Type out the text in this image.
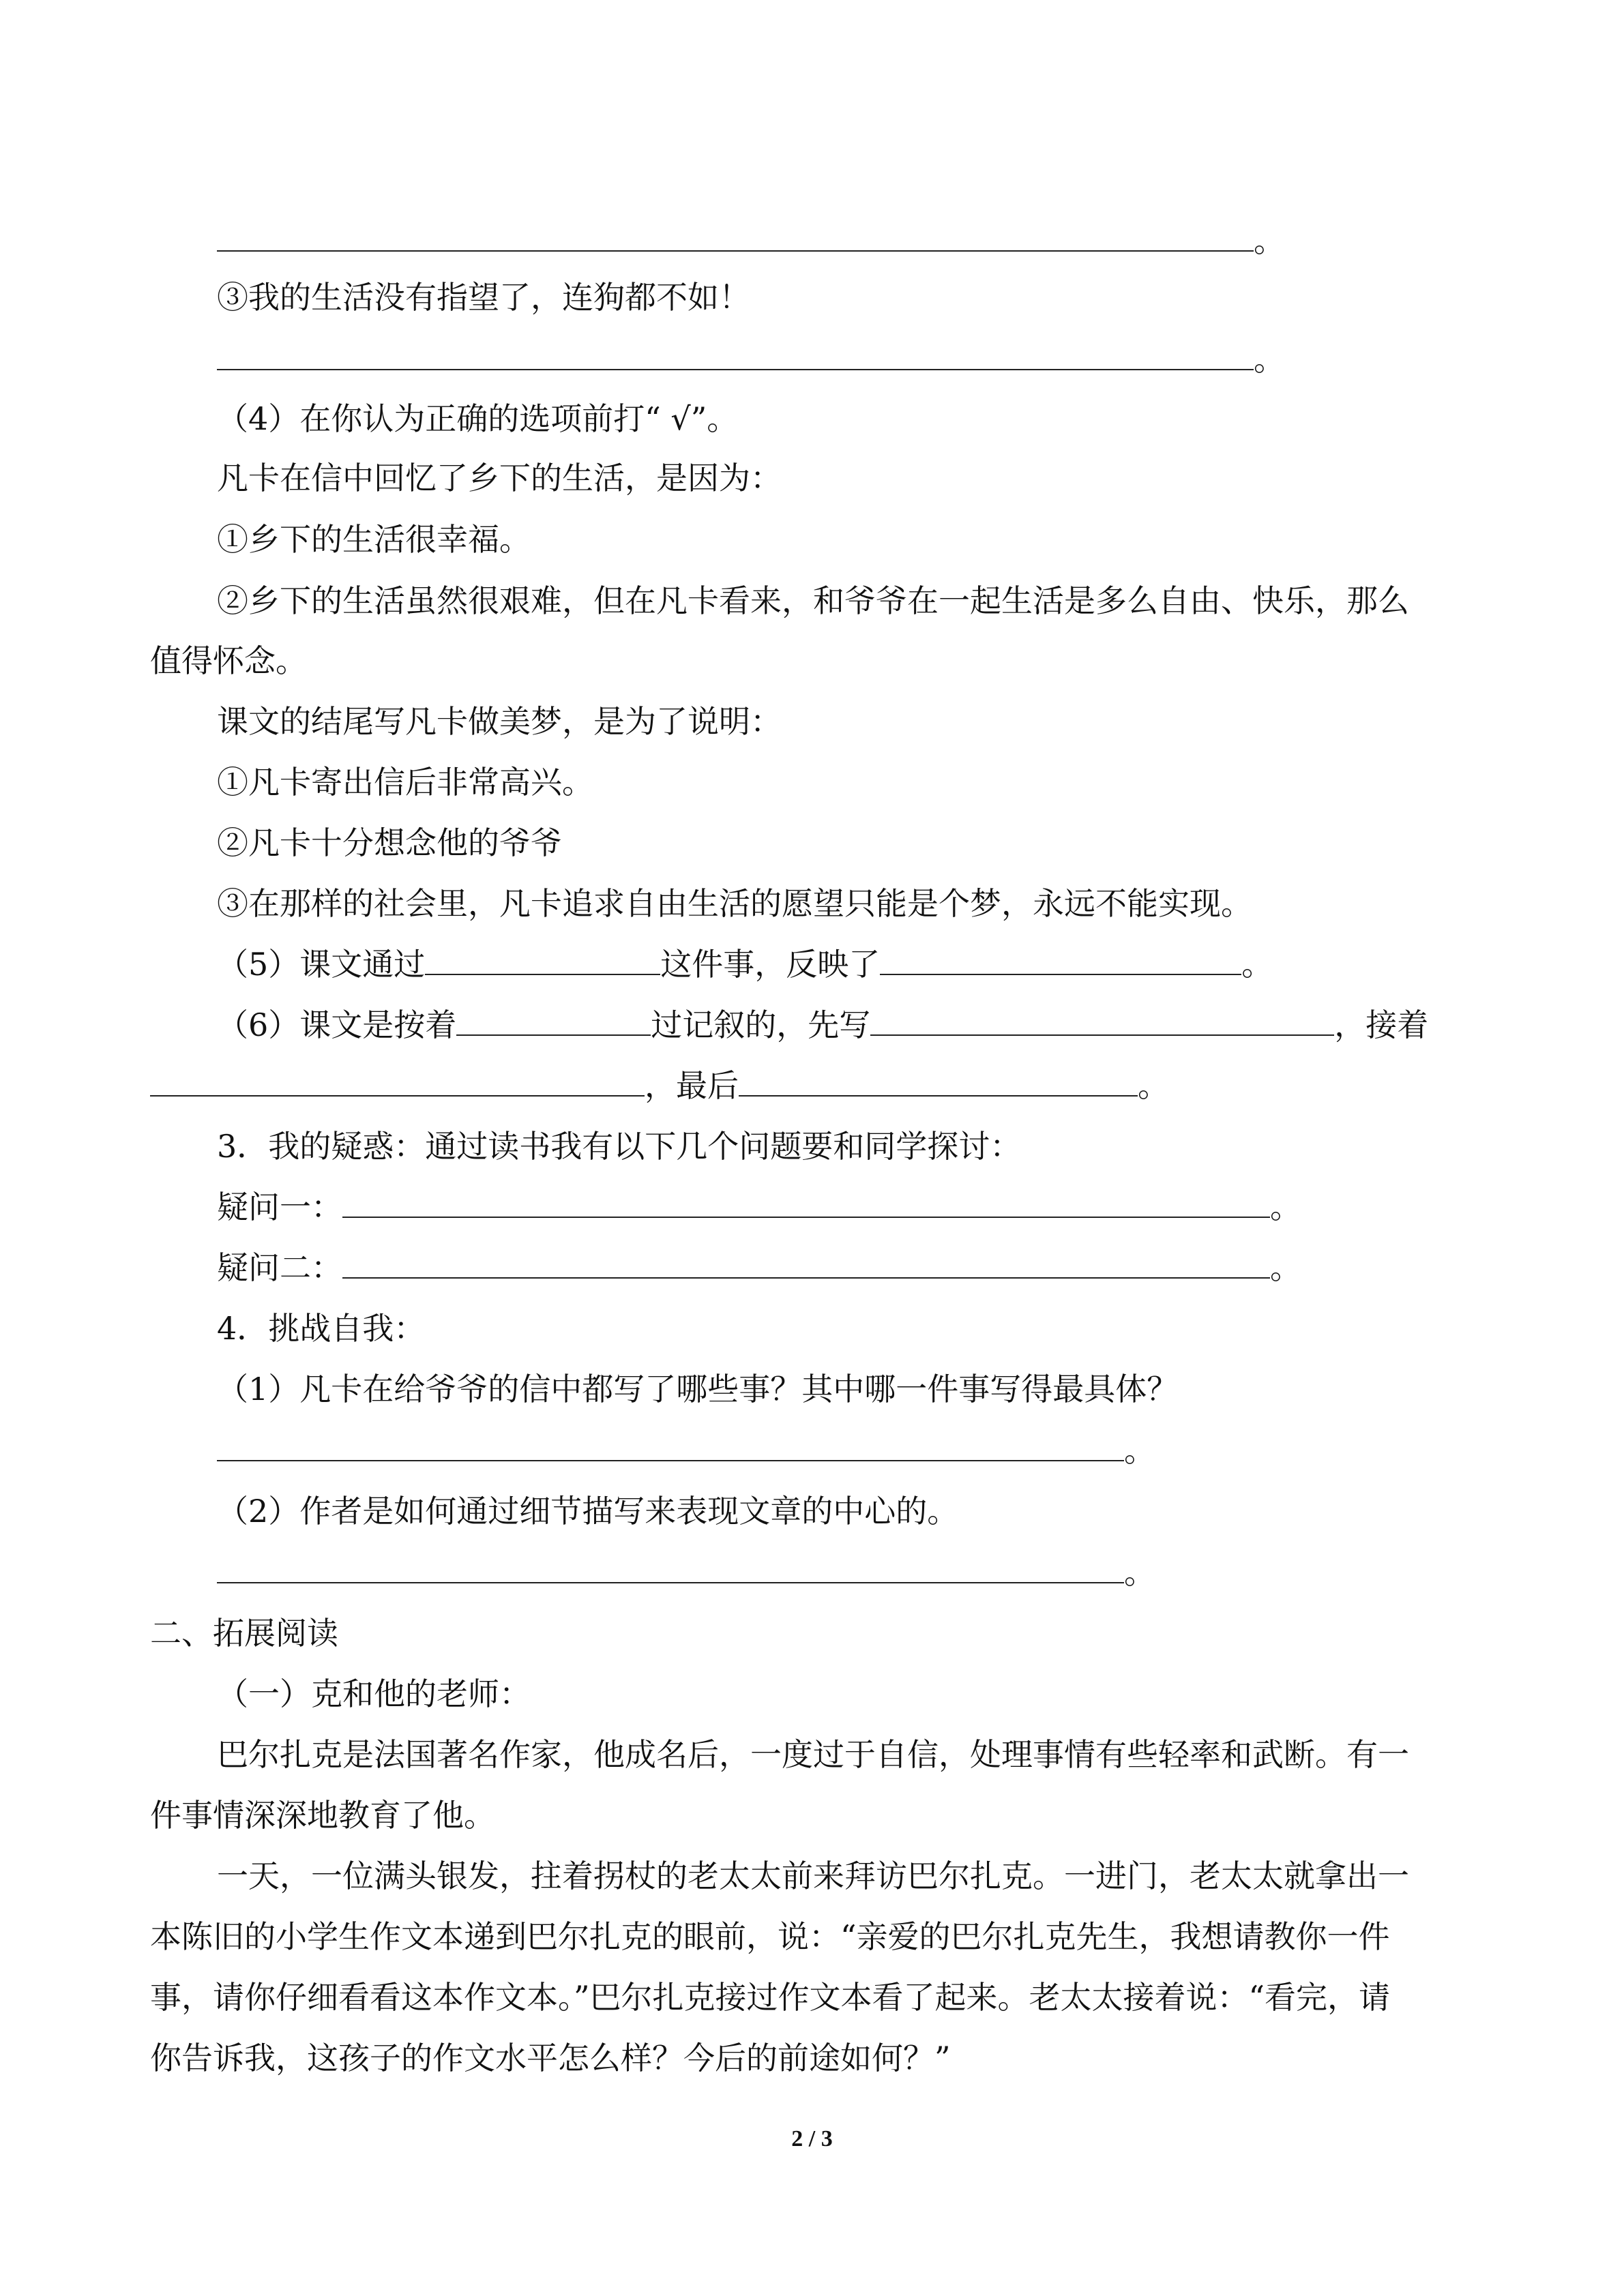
。
③我的生活没有指望了，连狗都不如！
。
（4）在你认为正确的选项前打“ √”。
凡卡在信中回忆了乡下的生活，是因为：
①乡下的生活很幸福。
②乡下的生活虽然很艰难，但在凡卡看来，和爷爷在一起生活是多么自由、快乐，那么
值得怀念。
课文的结尾写凡卡做美梦，是为了说明：
①凡卡寄出信后非常高兴。
②凡卡十分想念他的爷爷
③在那样的社会里，凡卡追求自由生活的愿望只能是个梦，永远不能实现。
（5）课文通过	这件事，反映了	。
（6）课文是按着	过记叙的，先写	，接着
，最后	。
3．我的疑惑：通过读书我有以下几个问题要和同学探讨：
疑问一：	。
疑问二：	。
4．挑战自我：
（1）凡卡在给爷爷的信中都写了哪些事？其中哪一件事写得最具体？
。
（2）作者是如何通过细节描写来表现文章的中心的。
。
二、拓展阅读
（一）克和他的老师：
巴尔扎克是法国著名作家，他成名后，一度过于自信，处理事情有些轻率和武断。有一
件事情深深地教育了他。
一天，一位满头银发，拄着拐杖的老太太前来拜访巴尔扎克。一进门，老太太就拿出一
本陈旧的小学生作文本递到巴尔扎克的眼前，说：“亲爱的巴尔扎克先生，我想请教你一件
事，请你仔细看看这本作文本。”巴尔扎克接过作文本看了起来。老太太接着说：“看完，请
你告诉我，这孩子的作文水平怎么样？今后的前途如何？”
2 / 3
